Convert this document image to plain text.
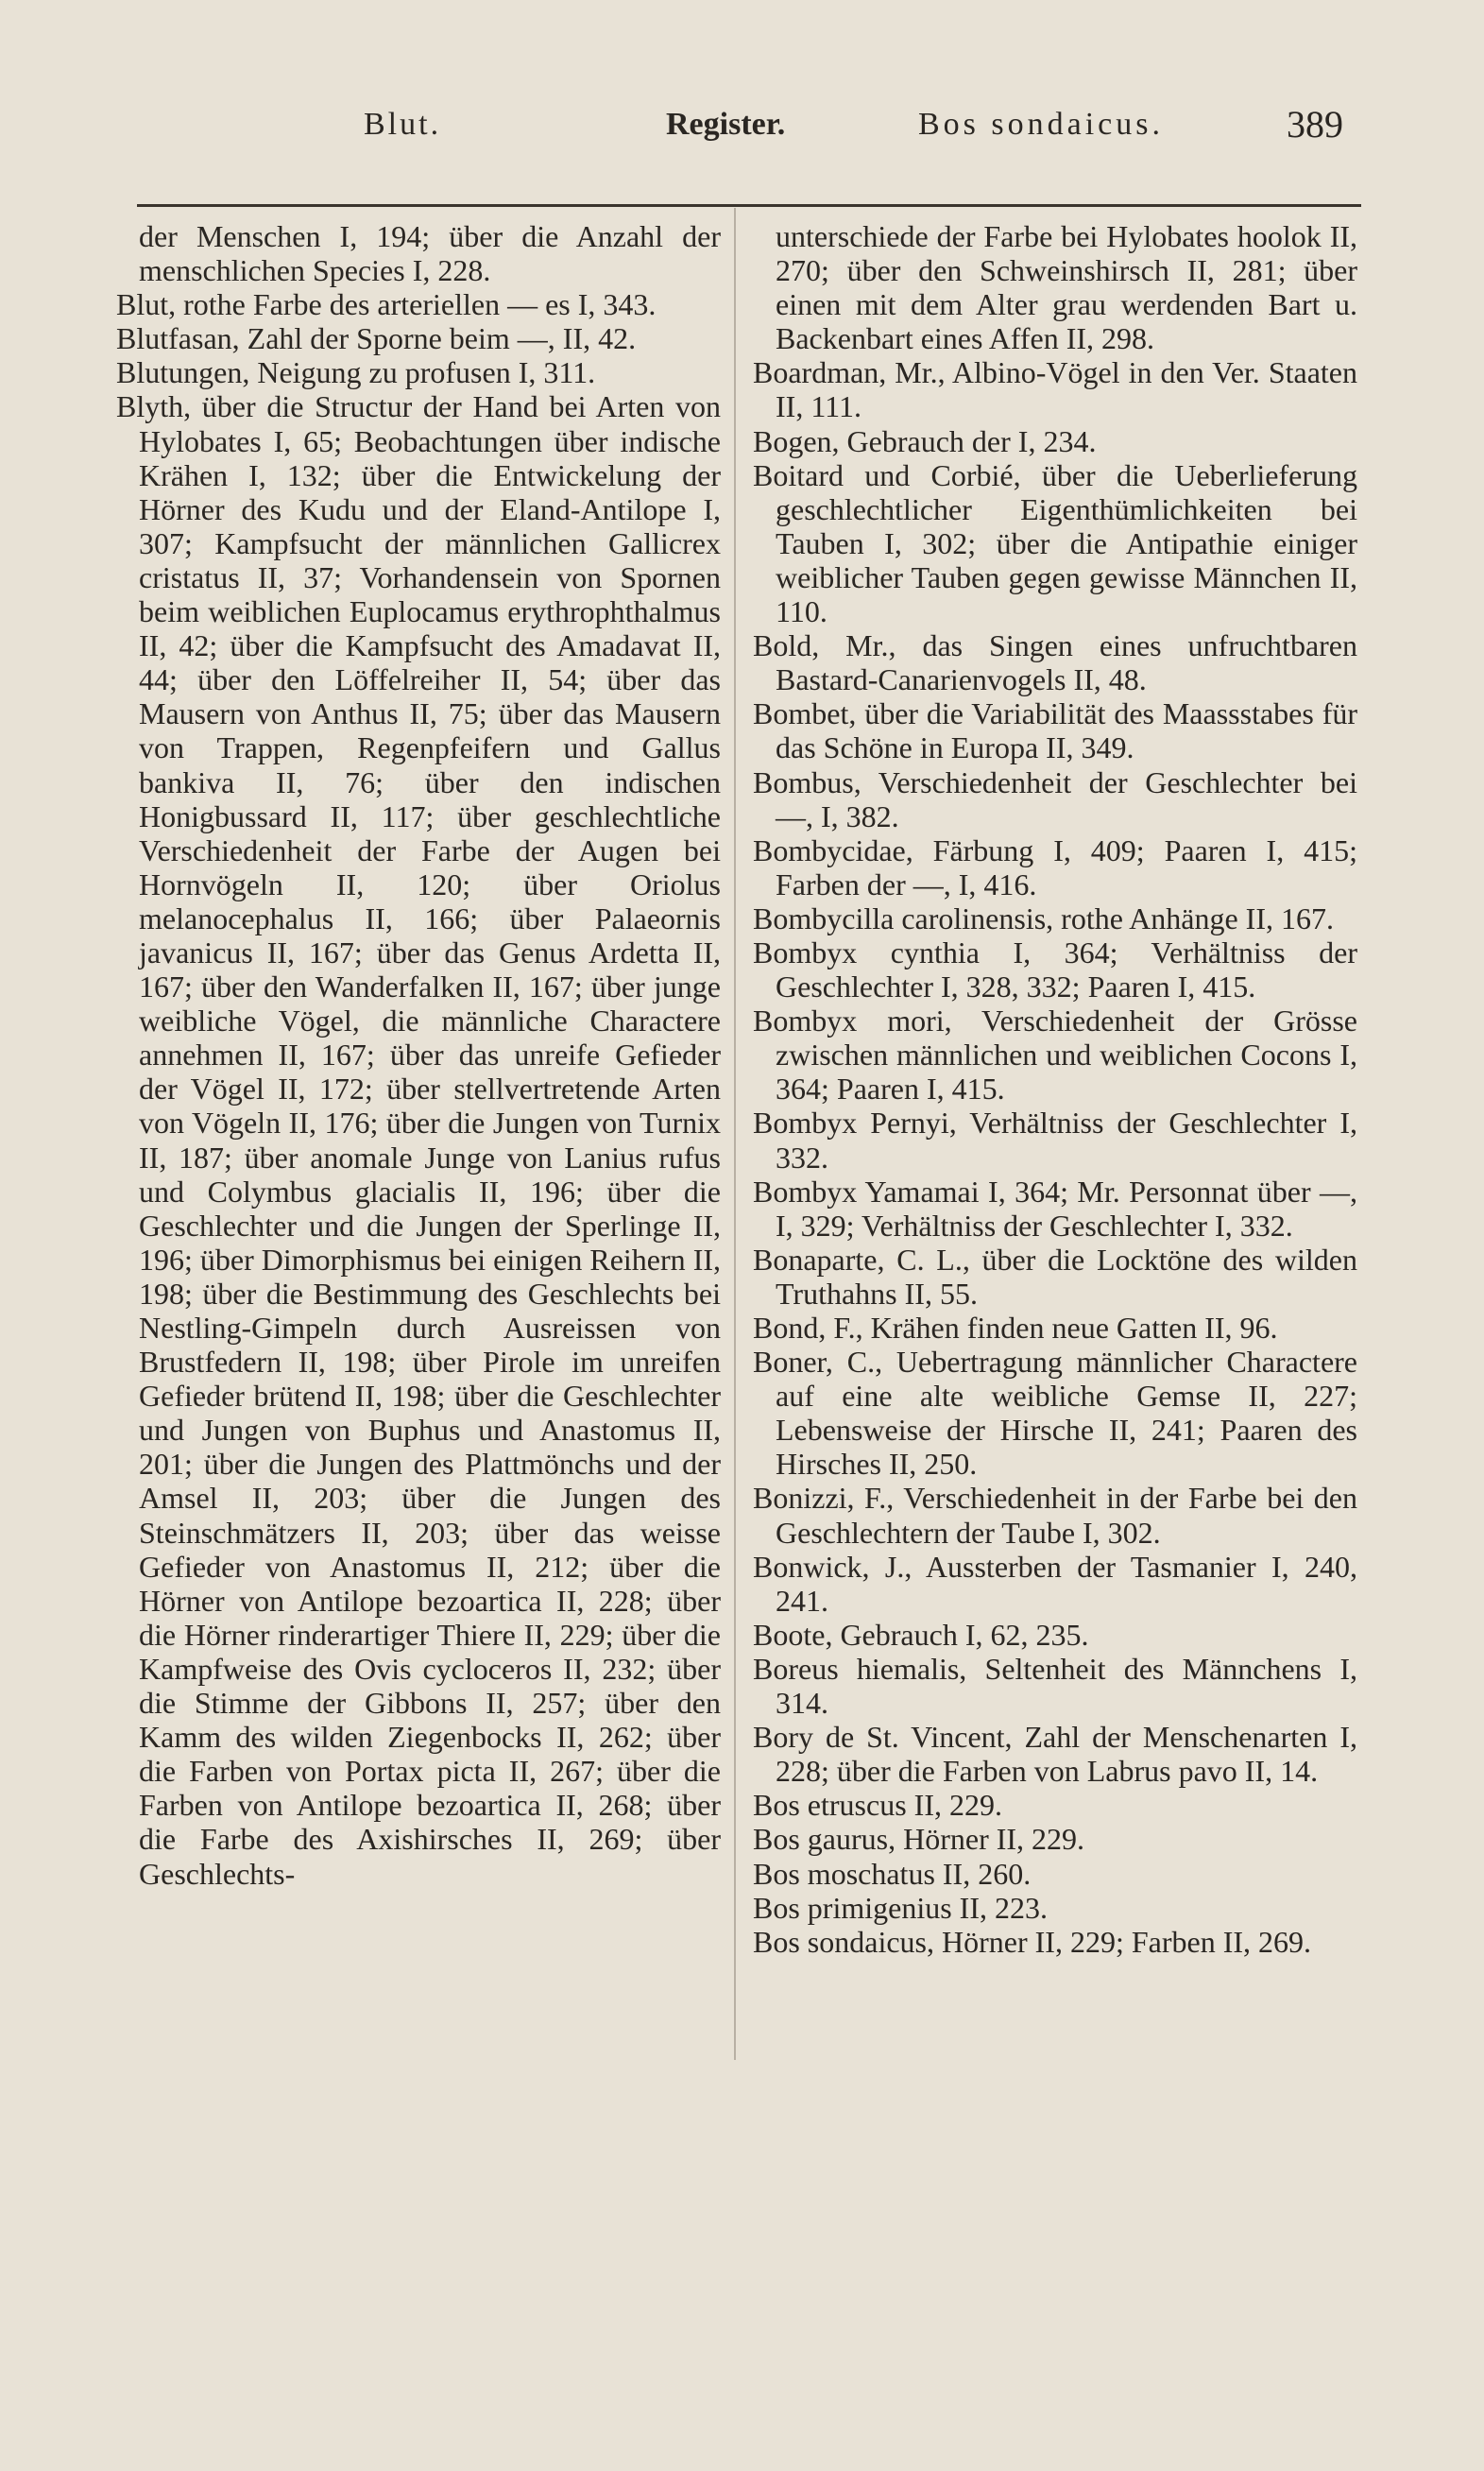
Blut.	Register.	Bos sondaicus.	389

der Menschen I, 194; über die Anzahl der menschlichen Species I, 228.

Blut, rothe Farbe des arteriellen — es I, 343.

Blutfasan, Zahl der Sporne beim —, II, 42.

Blutungen, Neigung zu profusen I, 311.

Blyth, über die Structur der Hand bei Arten von Hylobates I, 65; Beobachtungen über indische Krähen I, 132; über die Entwickelung der Hörner des Kudu und der Eland-Antilope I, 307; Kampfsucht der männlichen Gallicrex cristatus II, 37; Vorhandensein von Spornen beim weiblichen Euplocamus erythrophthalmus II, 42; über die Kampfsucht des Amadavat II, 44; über den Löffelreiher II, 54; über das Mausern von Anthus II, 75; über das Mausern von Trappen, Regenpfeifern und Gallus bankiva II, 76; über den indischen Honigbussard II, 117; über geschlechtliche Verschiedenheit der Farbe der Augen bei Hornvögeln II, 120; über Oriolus melanocephalus II, 166; über Palaeornis javanicus II, 167; über das Genus Ardetta II, 167; über den Wanderfalken II, 167; über junge weibliche Vögel, die männliche Charactere annehmen II, 167; über das unreife Gefieder der Vögel II, 172; über stellvertretende Arten von Vögeln II, 176; über die Jungen von Turnix II, 187; über anomale Junge von Lanius rufus und Colymbus glacialis II, 196; über die Geschlechter und die Jungen der Sperlinge II, 196; über Dimorphismus bei einigen Reihern II, 198; über die Bestimmung des Geschlechts bei Nestling-Gimpeln durch Ausreissen von Brustfedern II, 198; über Pirole im unreifen Gefieder brütend II, 198; über die Geschlechter und Jungen von Buphus und Anastomus II, 201; über die Jungen des Plattmönchs und der Amsel II, 203; über die Jungen des Steinschmätzers II, 203; über das weisse Gefieder von Anastomus II, 212; über die Hörner von Antilope bezoartica II, 228; über die Hörner rinderartiger Thiere II, 229; über die Kampfweise des Ovis cycloceros II, 232; über die Stimme der Gibbons II, 257; über den Kamm des wilden Ziegenbocks II, 262; über die Farben von Portax picta II, 267; über die Farben von Antilope bezoartica II, 268; über die Farbe des Axishirsches II, 269; über Geschlechts-

unterschiede der Farbe bei Hylobates hoolok II, 270; über den Schweinshirsch II, 281; über einen mit dem Alter grau werdenden Bart u. Backenbart eines Affen II, 298.

Boardman, Mr., Albino-Vögel in den Ver. Staaten II, 111.

Bogen, Gebrauch der I, 234.

Boitard und Corbié, über die Ueberlieferung geschlechtlicher Eigenthümlichkeiten bei Tauben I, 302; über die Antipathie einiger weiblicher Tauben gegen gewisse Männchen II, 110.

Bold, Mr., das Singen eines unfruchtbaren Bastard-Canarienvogels II, 48.

Bombet, über die Variabilität des Maassstabes für das Schöne in Europa II, 349.

Bombus, Verschiedenheit der Geschlechter bei —, I, 382.

Bombycidae, Färbung I, 409; Paaren I, 415; Farben der —, I, 416.

Bombycilla carolinensis, rothe Anhänge II, 167.

Bombyx cynthia I, 364; Verhältniss der Geschlechter I, 328, 332; Paaren I, 415.

Bombyx mori, Verschiedenheit der Grösse zwischen männlichen und weiblichen Cocons I, 364; Paaren I, 415.

Bombyx Pernyi, Verhältniss der Geschlechter I, 332.

Bombyx Yamamai I, 364; Mr. Personnat über —, I, 329; Verhältniss der Geschlechter I, 332.

Bonaparte, C. L., über die Locktöne des wilden Truthahns II, 55.

Bond, F., Krähen finden neue Gatten II, 96.

Boner, C., Uebertragung männlicher Charactere auf eine alte weibliche Gemse II, 227; Lebensweise der Hirsche II, 241; Paaren des Hirsches II, 250.

Bonizzi, F., Verschiedenheit in der Farbe bei den Geschlechtern der Taube I, 302.

Bonwick, J., Aussterben der Tasmanier I, 240, 241.

Boote, Gebrauch I, 62, 235.

Boreus hiemalis, Seltenheit des Männchens I, 314.

Bory de St. Vincent, Zahl der Menschenarten I, 228; über die Farben von Labrus pavo II, 14.

Bos etruscus II, 229.

Bos gaurus, Hörner II, 229.

Bos moschatus II, 260.

Bos primigenius II, 223.

Bos sondaicus, Hörner II, 229; Farben II, 269.
